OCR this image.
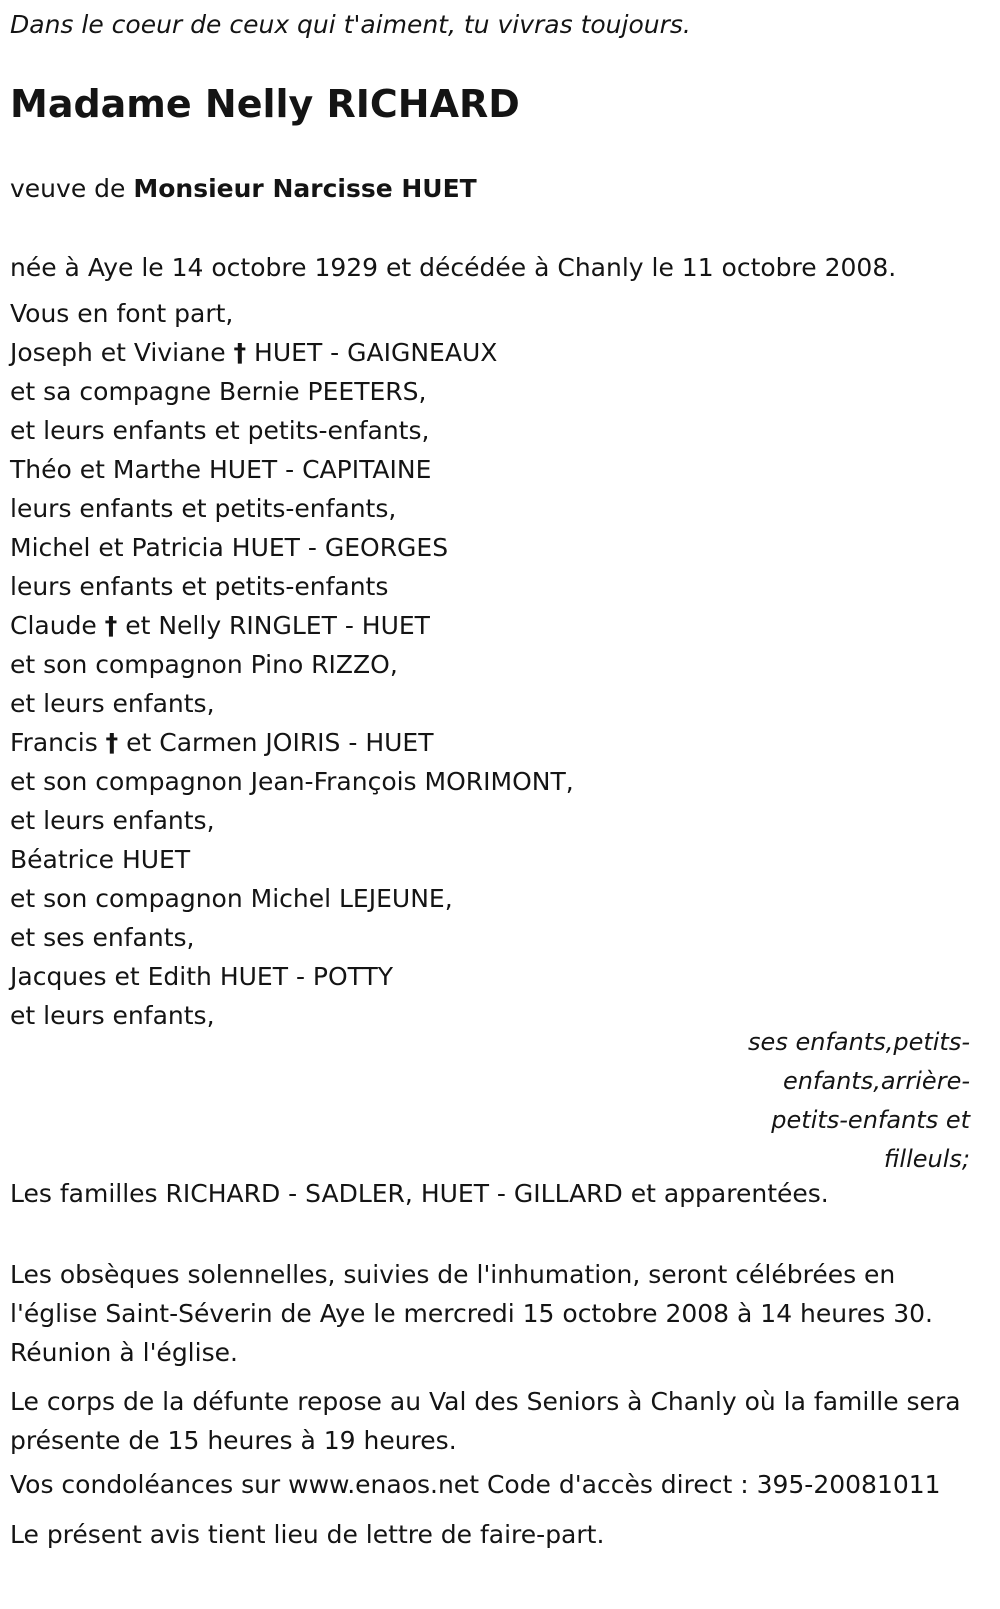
Dans le coeur de ceux qui t'aiment, tu vivras toujours.

Madame Nelly RICHARD

veuve de Monsieur Narcisse HUET

née à Aye le 14 octobre 1929 et décédée à Chanly le 11 octobre 2008.

Vous en font part,
Joseph et Viviane † HUET - GAIGNEAUX
et sa compagne Bernie PEETERS,
et leurs enfants et petits-enfants,
Théo et Marthe HUET - CAPITAINE
leurs enfants et petits-enfants,
Michel et Patricia HUET - GEORGES
leurs enfants et petits-enfants
Claude † et Nelly RINGLET - HUET
et son compagnon Pino RIZZO,
et leurs enfants,
Francis † et Carmen JOIRIS - HUET
et son compagnon Jean-François MORIMONT,
et leurs enfants,
Béatrice HUET
et son compagnon Michel LEJEUNE,
et ses enfants,
Jacques et Edith HUET - POTTY
et leurs enfants,

ses enfants,petits-enfants,arrière-petits-enfants et filleuls;

Les familles RICHARD - SADLER, HUET - GILLARD et apparentées.

Les obsèques solennelles, suivies de l'inhumation, seront célébrées en l'église Saint-Séverin de Aye le mercredi 15 octobre 2008 à 14 heures 30. Réunion à l'église.

Le corps de la défunte repose au Val des Seniors à Chanly où la famille sera présente de 15 heures à 19 heures.

Vos condoléances sur www.enaos.net Code d'accès direct : 395-20081011

Le présent avis tient lieu de lettre de faire-part.
